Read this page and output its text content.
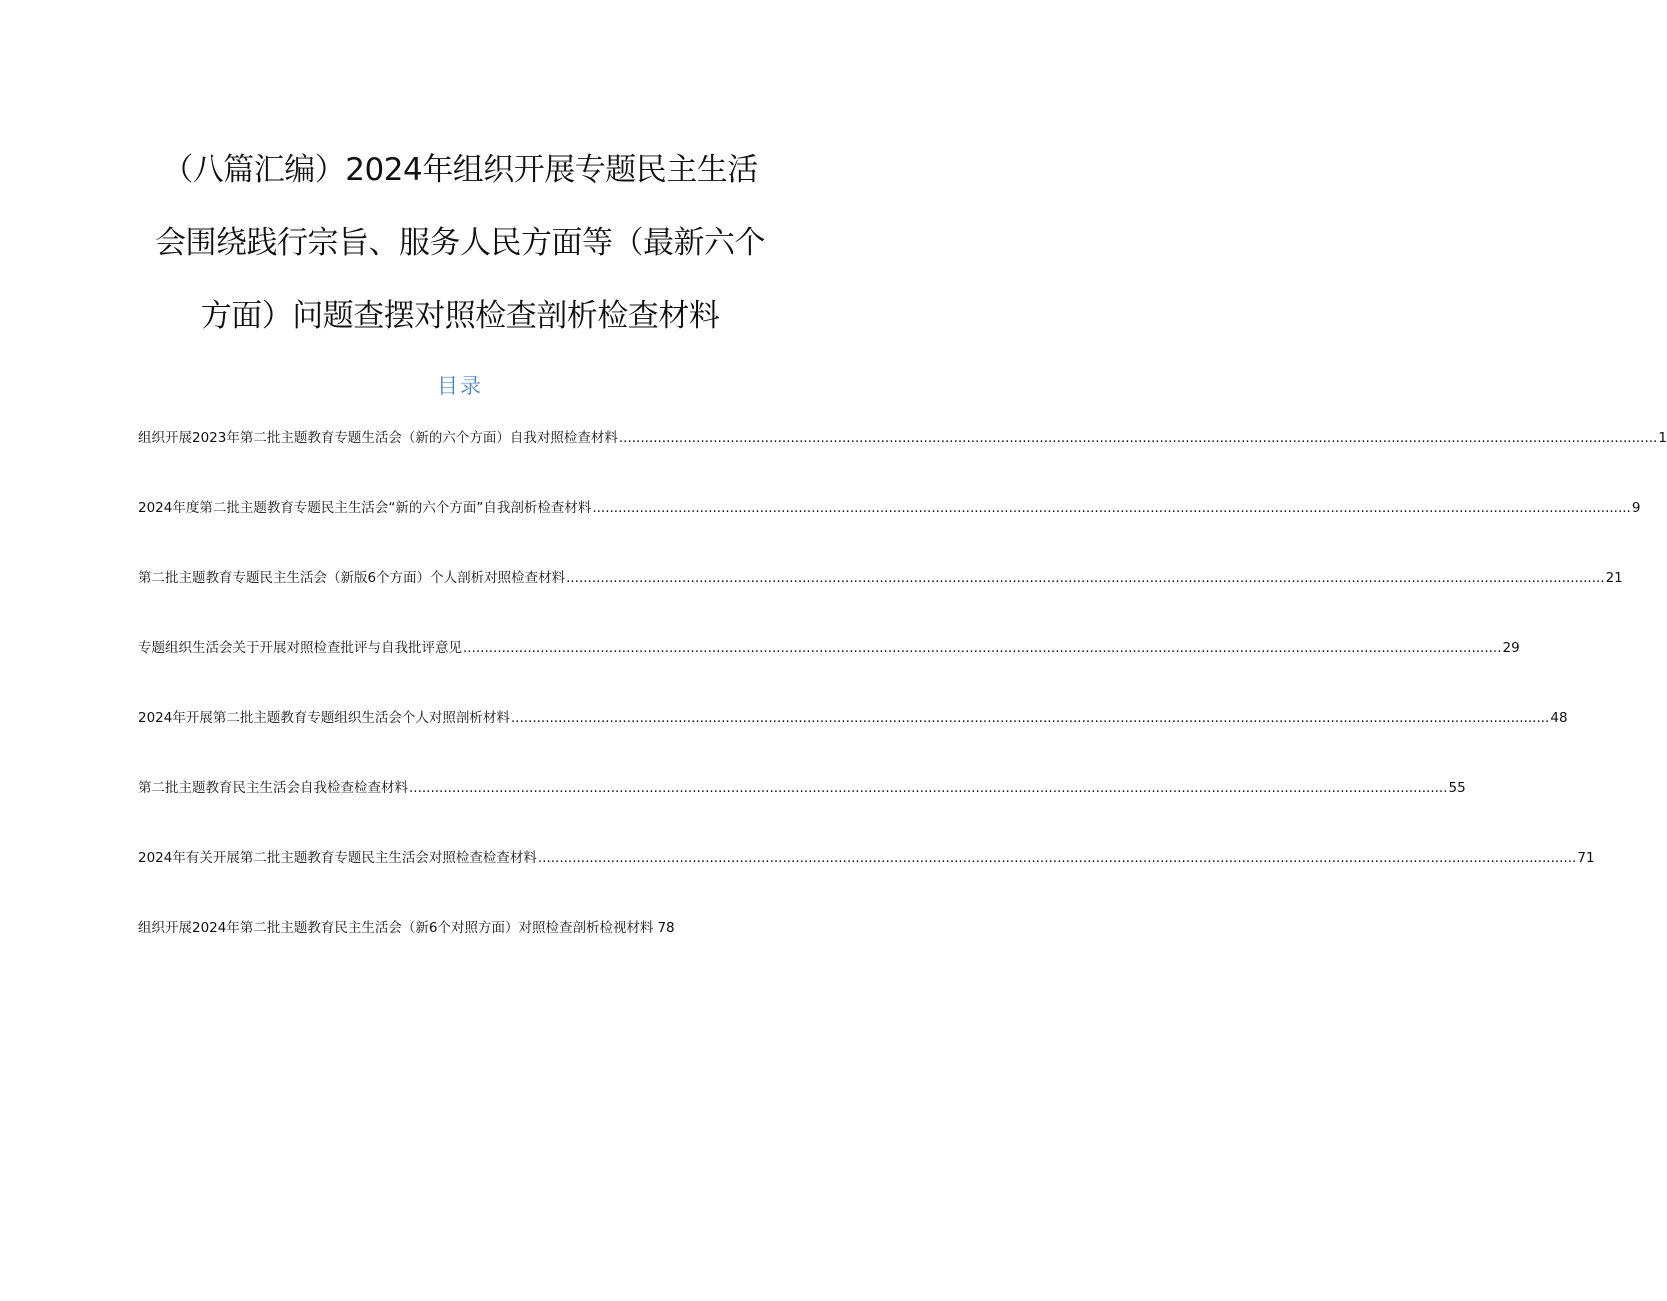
（八篇汇编）2024年组织开展专题民主生活
会围绕践行宗旨、服务人民方面等（最新六个
方面）问题查摆对照检查剖析检查材料
目录
组织开展2023年第二批主题教育专题生活会（新的六个方面）自我对照检查材料 .....	1
2024年度第二批主题教育专题民主生活会“新的六个方面”自我剖析检查材料 .....	9
第二批主题教育专题民主生活会（新版6个方面）个人剖析对照检查材料 .....	21
专题组织生活会关于开展对照检查批评与自我批评意见 .....	29
2024年开展第二批主题教育专题组织生活会个人对照剖析材料 .....	48
第二批主题教育民主生活会自我检查检查材料 .....	55
2024年有关开展第二批主题教育专题民主生活会对照检查检查材料 .....	71
组织开展2024年第二批主题教育民主生活会（新6个对照方面）对照检查剖析检视材料 78
